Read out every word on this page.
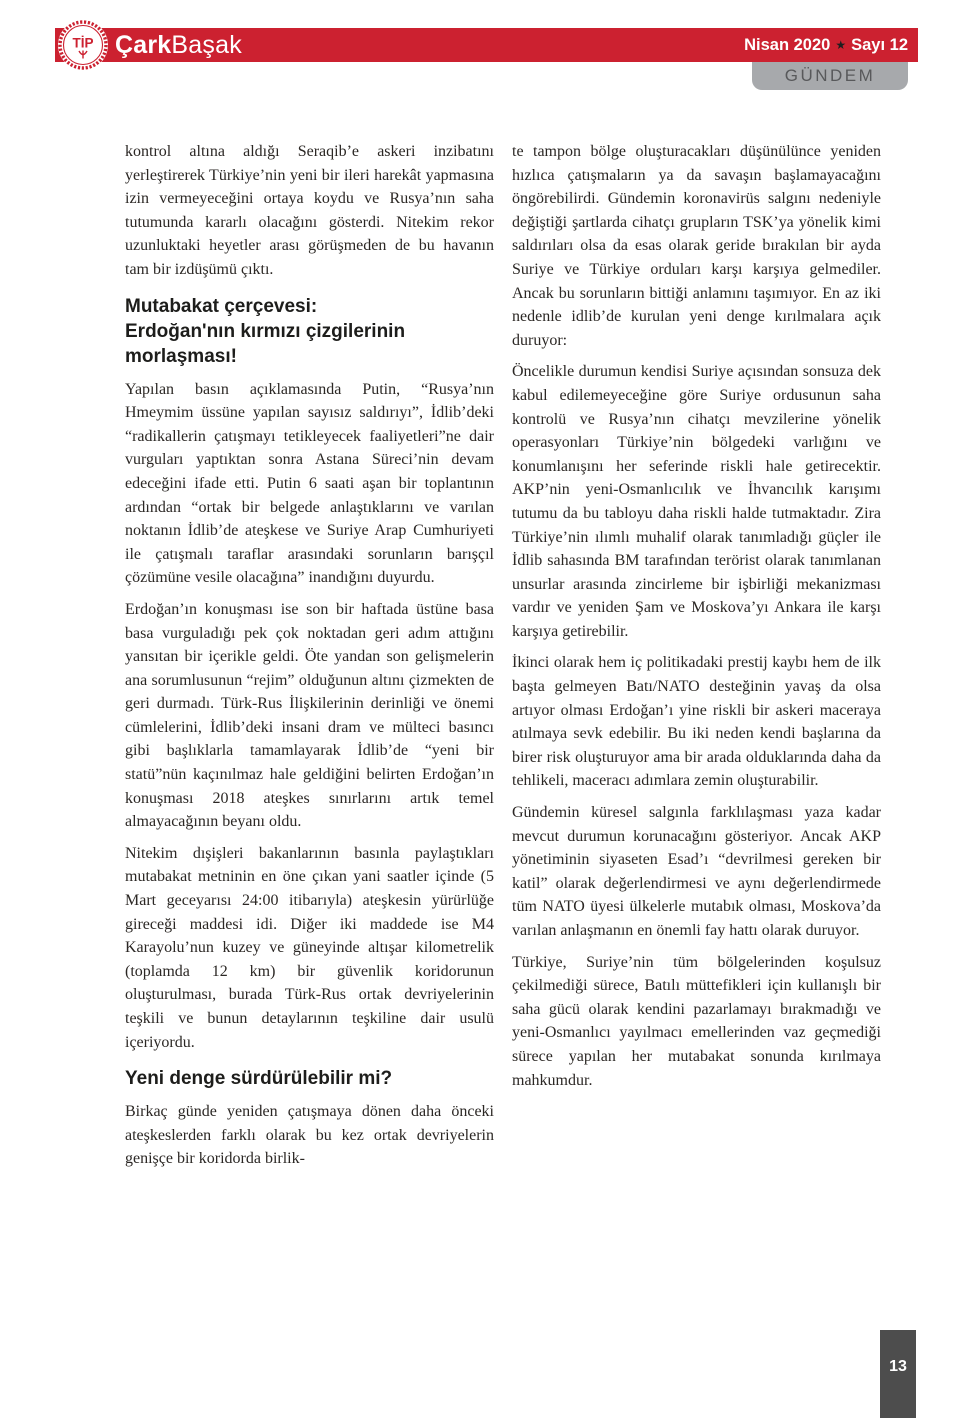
ÇarkBaşak	Nisan 2020 ★ Sayı 12
TİP
GÜNDEM

kontrol altına aldığı Seraqib’e askeri inzibatını yerleştirerek Türkiye’nin yeni bir ileri harekât yapmasına izin vermeyeceğini ortaya koydu ve Rusya’nın saha tutumunda kararlı olacağını gösterdi. Nitekim rekor uzunluktaki heyetler arası görüşmeden de bu havanın tam bir izdüşümü çıktı.

Mutabakat çerçevesi:
Erdoğan'nın kırmızı çizgilerinin morlaşması!

Yapılan basın açıklamasında Putin, “Rusya’nın Hmeymim üssüne yapılan sayısız saldırıyı”, İdlib’deki “radikallerin çatışmayı tetikleyecek faaliyetleri”ne dair vurguları yaptıktan sonra Astana Süreci’nin devam edeceğini ifade etti. Putin 6 saati aşan bir toplantının ardından “ortak bir belgede anlaştıklarını ve varılan noktanın İdlib’de ateşkese ve Suriye Arap Cumhuriyeti ile çatışmalı taraflar arasındaki sorunların barışçıl çözümüne vesile olacağına” inandığını duyurdu.

Erdoğan’ın konuşması ise son bir haftada üstüne basa basa vurguladığı pek çok noktadan geri adım attığını yansıtan bir içerikle geldi. Öte yandan son gelişmelerin ana sorumlusunun “rejim” olduğunun altını çizmekten de geri durmadı. Türk-Rus İlişkilerinin derinliği ve önemi cümlelerini, İdlib’deki insani dram ve mülteci basıncı gibi başlıklarla tamamlayarak İdlib’de “yeni bir statü”nün kaçınılmaz hale geldiğini belirten Erdoğan’ın konuşması 2018 ateşkes sınırlarını artık temel almayacağının beyanı oldu.

Nitekim dışişleri bakanlarının basınla paylaştıkları mutabakat metninin en öne çıkan yani saatler içinde (5 Mart geceyarısı 24:00 itibarıyla) ateşkesin yürürlüğe gireceği maddesi idi. Diğer iki maddede ise M4 Karayolu’nun kuzey ve güneyinde altışar kilometrelik (toplamda 12 km) bir güvenlik koridorunun oluşturulması, burada Türk-Rus ortak devriyelerinin teşkili ve bunun detaylarının teşkiline dair usulü içeriyordu.

Yeni denge sürdürülebilir mi?

Birkaç günde yeniden çatışmaya dönen daha önceki ateşkeslerden farklı olarak bu kez ortak devriyelerin genişçe bir koridorda birlik-

te tampon bölge oluşturacakları düşünülünce yeniden hızlıca çatışmaların ya da savaşın başlamayacağını öngörebilirdi. Gündemin koronavirüs salgını nedeniyle değiştiği şartlarda cihatçı grupların TSK’ya yönelik kimi saldırıları olsa da esas olarak geride bırakılan bir ayda Suriye ve Türkiye orduları karşı karşıya gelmediler. Ancak bu sorunların bittiği anlamını taşımıyor. En az iki nedenle idlib’de kurulan yeni denge kırılmalara açık duruyor:

Öncelikle durumun kendisi Suriye açısından sonsuza dek kabul edilemeyeceğine göre Suriye ordusunun saha kontrolü ve Rusya’nın cihatçı mevzilerine yönelik operasyonları Türkiye’nin bölgedeki varlığını ve konumlanışını her seferinde riskli hale getirecektir. AKP’nin yeni-Osmanlıcılık ve İhvancılık karışımı tutumu da bu tabloyu daha riskli halde tutmaktadır. Zira Türkiye’nin ılımlı muhalif olarak tanımladığı güçler ile İdlib sahasında BM tarafından terörist olarak tanımlanan unsurlar arasında zincirleme bir işbirliği mekanizması vardır ve yeniden Şam ve Moskova’yı Ankara ile karşı karşıya getirebilir.

İkinci olarak hem iç politikadaki prestij kaybı hem de ilk başta gelmeyen Batı/NATO desteğinin yavaş da olsa artıyor olması Erdoğan’ı yine riskli bir askeri maceraya atılmaya sevk edebilir. Bu iki neden kendi başlarına da birer risk oluşturuyor ama bir arada olduklarında daha da tehlikeli, maceracı adımlara zemin oluşturabilir.

Gündemin küresel salgınla farklılaşması yaza kadar mevcut durumun korunacağını gösteriyor. Ancak AKP yönetiminin siyaseten Esad’ı “devrilmesi gereken bir katil” olarak değerlendirmesi ve aynı değerlendirmede tüm NATO üyesi ülkelerle mutabık olması, Moskova’da varılan anlaşmanın en önemli fay hattı olarak duruyor.

Türkiye, Suriye’nin tüm bölgelerinden koşulsuz çekilmediği sürece, Batılı müttefikleri için kullanışlı bir saha gücü olarak kendini pazarlamayı bırakmadığı ve yeni-Osmanlıcı yayılmacı emellerinden vaz geçmediği sürece yapılan her mutabakat sonunda kırılmaya mahkumdur.

13
